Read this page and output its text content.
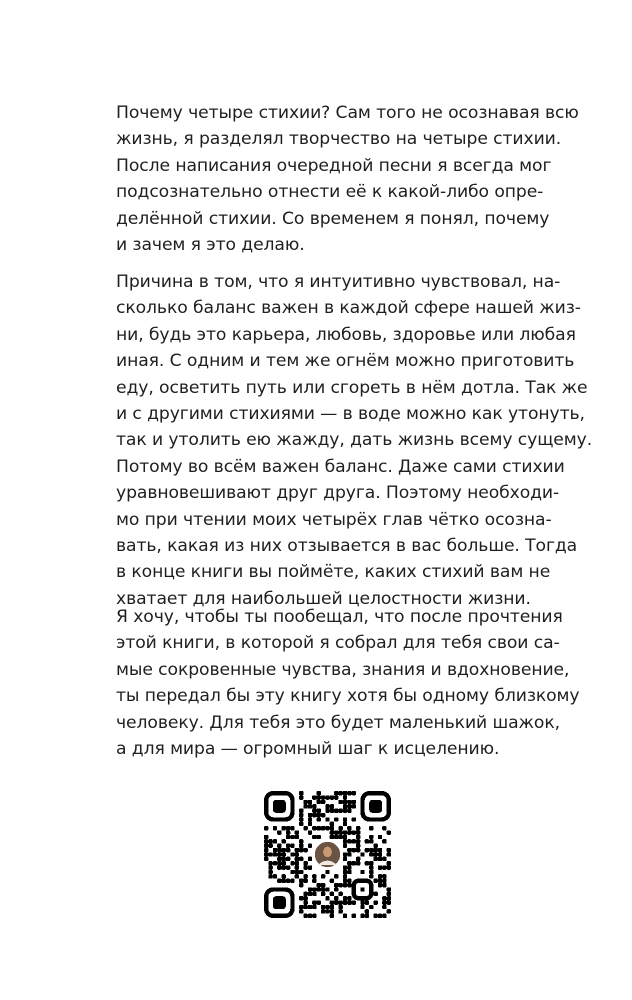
Почему четыре стихии? Сам того не осознавая всю
жизнь, я разделял творчество на четыре стихии.
После написания очередной песни я всегда мог
подсознательно отнести её к какой-либо опре-
делённой стихии. Со временем я понял, почему
и зачем я это делаю.
Причина в том, что я интуитивно чувствовал, на-
сколько баланс важен в каждой сфере нашей жиз-
ни, будь это карьера, любовь, здоровье или любая
иная. С одним и тем же огнём можно приготовить
еду, осветить путь или сгореть в нём дотла. Так же
и с другими стихиями — в воде можно как утонуть,
так и утолить ею жажду, дать жизнь всему сущему.
Потому во всём важен баланс. Даже сами стихии
уравновешивают друг друга. Поэтому необходи-
мо при чтении моих четырёх глав чётко осозна-
вать, какая из них отзывается в вас больше. Тогда
в конце книги вы поймёте, каких стихий вам не
хватает для наибольшей целостности жизни.
Я хочу, чтобы ты пообещал, что после прочтения
этой книги, в которой я собрал для тебя свои са-
мые сокровенные чувства, знания и вдохновение,
ты передал бы эту книгу хотя бы одному близкому
человеку. Для тебя это будет маленький шажок,
а для мира — огромный шаг к исцелению.
